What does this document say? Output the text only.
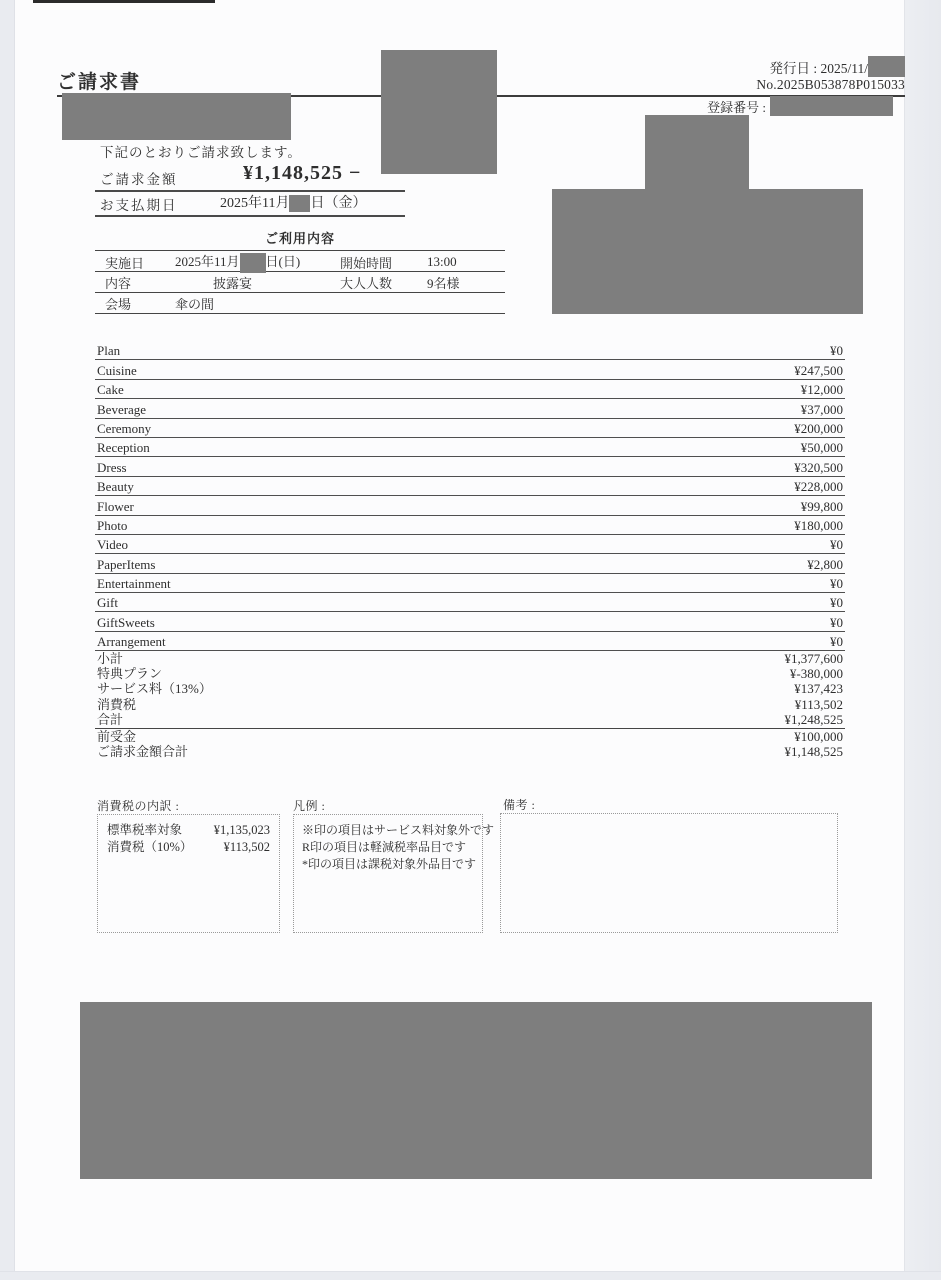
発行日 : 2025/11/
No.2025B053878P015033
ご請求書
登録番号 :
下記のとおりご請求致します。
ご請求金額	¥1,148,525 −
お支払期日	2025年11月 日（金）
ご利用内容
実施日	2025年11月 日(日)	開始時間	13:00
内容	披露宴	大人人数	9名様
会場	傘の間
Plan	¥0
Cuisine	¥247,500
Cake	¥12,000
Beverage	¥37,000
Ceremony	¥200,000
Reception	¥50,000
Dress	¥320,500
Beauty	¥228,000
Flower	¥99,800
Photo	¥180,000
Video	¥0
PaperItems	¥2,800
Entertainment	¥0
Gift	¥0
GiftSweets	¥0
Arrangement	¥0
小計	¥1,377,600
特典プラン	¥-380,000
サービス料（13%）	¥137,423
消費税	¥113,502
合計	¥1,248,525
前受金	¥100,000
ご請求金額合計	¥1,148,525
消費税の内訳 :
標準税率対象	¥1,135,023
消費税（10%） ¥113,502
凡例 :
※印の項目はサービス料対象外です
R印の項目は軽減税率品目です
*印の項目は課税対象外品目です
備考 :
